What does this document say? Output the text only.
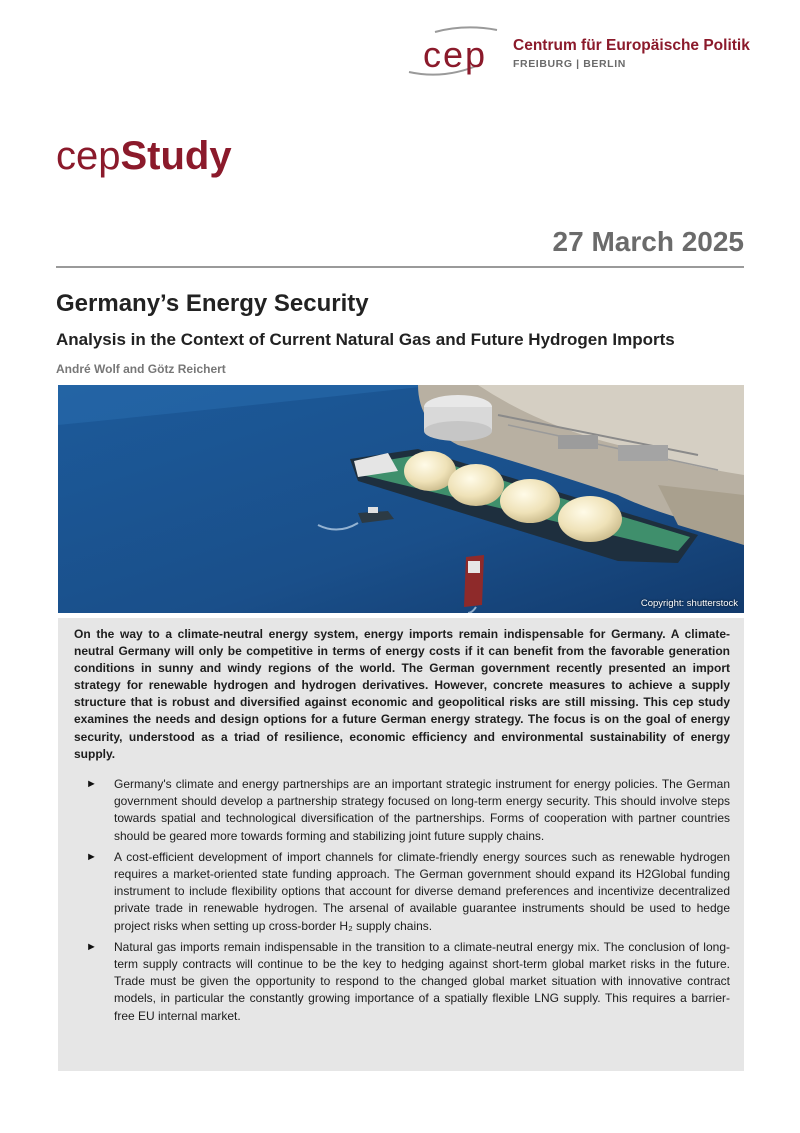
cep Centrum für Europäische Politik
FREIBURG | BERLIN
cepStudy
27 March 2025
Germany’s Energy Security
Analysis in the Context of Current Natural Gas and Future Hydrogen Imports
André Wolf and Götz Reichert
Copyright: shutterstock

On the way to a climate-neutral energy system, energy imports remain indispensable for Germany. A climate-neutral Germany will only be competitive in terms of energy costs if it can benefit from the favorable generation conditions in sunny and windy regions of the world. The German government recently presented an import strategy for renewable hydrogen and hydrogen derivatives. However, concrete measures to achieve a supply structure that is robust and diversified against economic and geopolitical risks are still missing. This cep study examines the needs and design options for a future German energy strategy. The focus is on the goal of energy security, understood as a triad of resilience, economic efficiency and environmental sustainability of energy supply.

► Germany's climate and energy partnerships are an important strategic instrument for energy policies. The German government should develop a partnership strategy focused on long-term energy security. This should involve steps towards spatial and technological diversification of the partnerships. Forms of cooperation with partner countries should be geared more towards forming and stabilizing joint future supply chains.
► A cost-efficient development of import channels for climate-friendly energy sources such as renewable hydrogen requires a market-oriented state funding approach. The German government should expand its H2Global funding instrument to include flexibility options that account for diverse demand preferences and incentivize decentralized private trade in renewable hydrogen. The arsenal of available guarantee instruments should be used to hedge project risks when setting up cross-border H₂ supply chains.
► Natural gas imports remain indispensable in the transition to a climate-neutral energy mix. The conclusion of long-term supply contracts will continue to be the key to hedging against short-term global market risks in the future. Trade must be given the opportunity to respond to the changed global market situation with innovative contract models, in particular the constantly growing importance of a spatially flexible LNG supply. This requires a barrier-free EU internal market.
